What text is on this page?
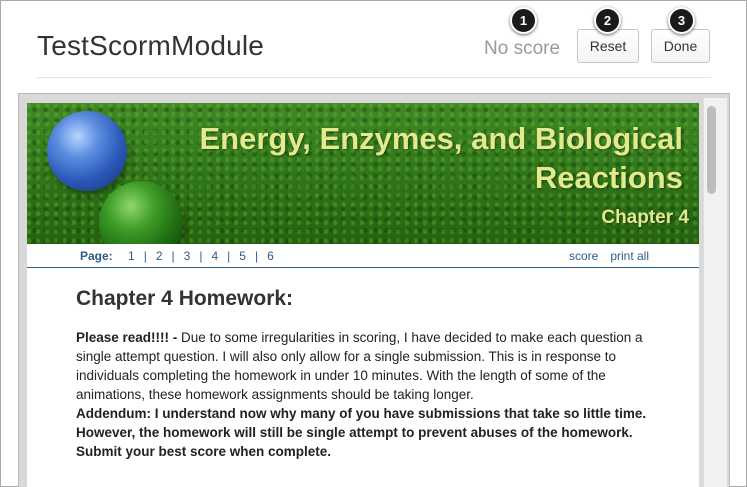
TestScormModule	No score	Reset	Done
1	2	3
Energy, Enzymes, and Biological Reactions
Chapter 4
Page: 1 | 2 | 3 | 4 | 5 | 6	score print all
Chapter 4 Homework:
Please read!!!! - Due to some irregularities in scoring, I have decided to make each question a single attempt question. I will also only allow for a single submission. This is in response to individuals completing the homework in under 10 minutes. With the length of some of the animations, these homework assignments should be taking longer.
Addendum: I understand now why many of you have submissions that take so little time. However, the homework will still be single attempt to prevent abuses of the homework. Submit your best score when complete.
